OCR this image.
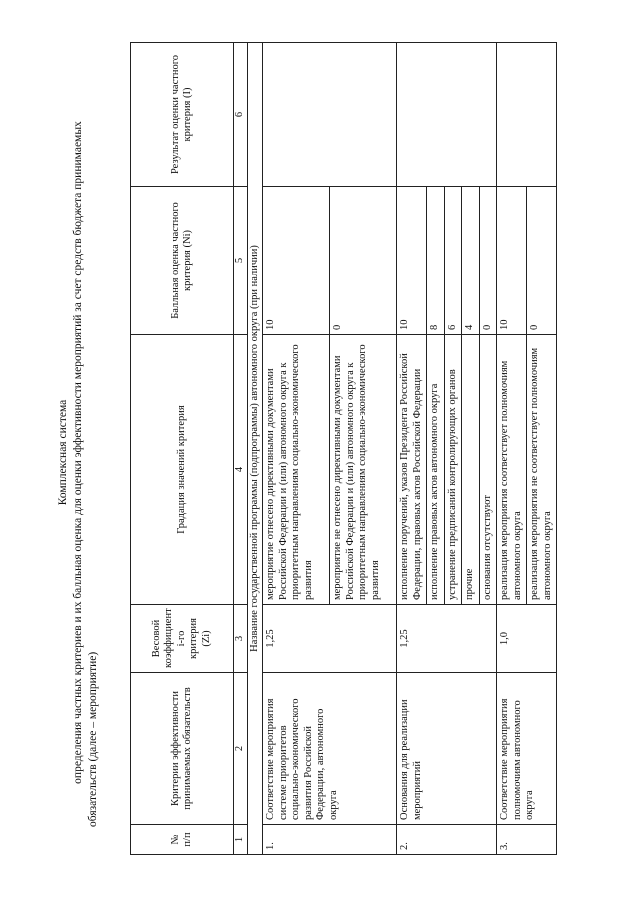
Комплексная система определения частных критериев и их балльная оценка для оценки эффективности мероприятий за счет средств бюджета принимаемых обязательств (далее – мероприятие)
№ п/п	Критерии эффективности принимаемых обязательств	Весовой коэффициент i-го критерия (Zi)	Градация значений критерия	Балльная оценка частного критерия (Ni)	Результат оценки частного критерия (I)
1	2	3	4	5	6
Название государственной программы (подпрограммы) автономного округа (при наличии)					
1.	Соответствие мероприятия системе приоритетов социально-экономического развития Российской Федерации, автономного округа	1,25	мероприятие отнесено директивными документами Российской Федерации и (или) автономного округа к приоритетным направлениям социально-экономического развития	10	
			мероприятие не отнесено директивными документами Российской Федерации и (или) автономного округа к приоритетным направлениям социально-экономического развития	0	
2.	Основания для реализации мероприятий	1,25	исполнение поручений, указов Президента Российской Федерации, правовых актов Российской Федерации	10	
			исполнение правовых актов автономного округа	8	
			устранение предписаний контролирующих органов	6	
			прочие	4	
			основания отсутствуют	0	
3.	Соответствие мероприятия полномочиям автономного округа	1,0	реализация мероприятия соответствует полномочиям автономного округа	10	
			реализация мероприятия не соответствует полномочиям автономного округа	0	
